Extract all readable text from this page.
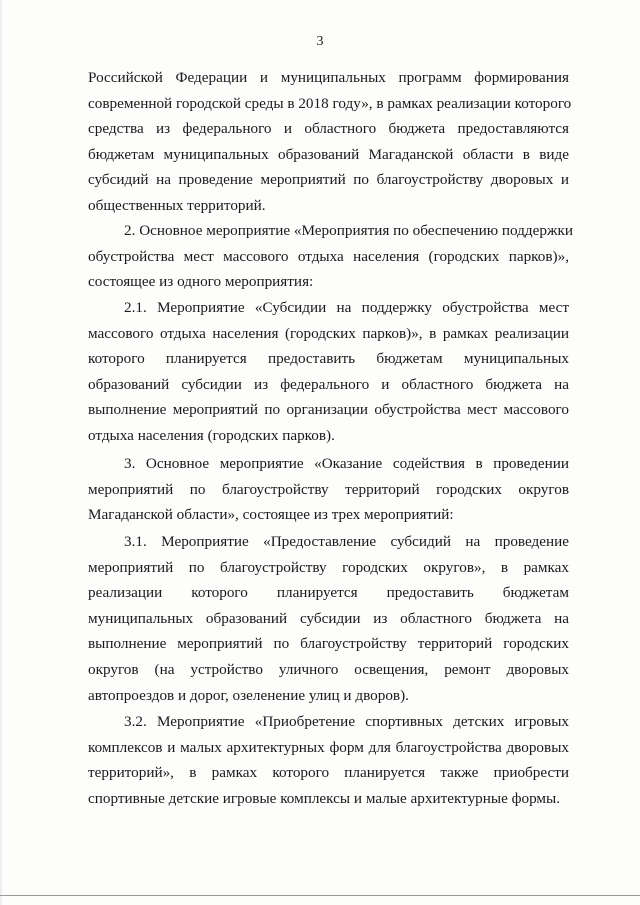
3

Российской Федерации и муниципальных программ формирования
современной городской среды в 2018 году», в рамках реализации которого
средства из федерального и областного бюджета предоставляются
бюджетам муниципальных образований Магаданской области в виде
субсидий на проведение мероприятий по благоустройству дворовых и
общественных территорий.

2. Основное мероприятие «Мероприятия по обеспечению поддержки
обустройства мест массового отдыха населения (городских парков)»,
состоящее из одного мероприятия:

2.1. Мероприятие «Субсидии на поддержку обустройства мест
массового отдыха населения (городских парков)», в рамках реализации
которого планируется предоставить бюджетам муниципальных
образований субсидии из федерального и областного бюджета на
выполнение мероприятий по организации обустройства мест массового
отдыха населения (городских парков).

3. Основное мероприятие «Оказание содействия в проведении
мероприятий по благоустройству территорий городских округов
Магаданской области», состоящее из трех мероприятий:

3.1. Мероприятие «Предоставление субсидий на проведение
мероприятий по благоустройству городских округов», в рамках
реализации которого планируется предоставить бюджетам
муниципальных образований субсидии из областного бюджета на
выполнение мероприятий по благоустройству территорий городских
округов (на устройство уличного освещения, ремонт дворовых
автопроездов и дорог, озеленение улиц и дворов).

3.2. Мероприятие «Приобретение спортивных детских игровых
комплексов и малых архитектурных форм для благоустройства дворовых
территорий», в рамках которого планируется также приобрести
спортивные детские игровые комплексы и малые архитектурные формы.
